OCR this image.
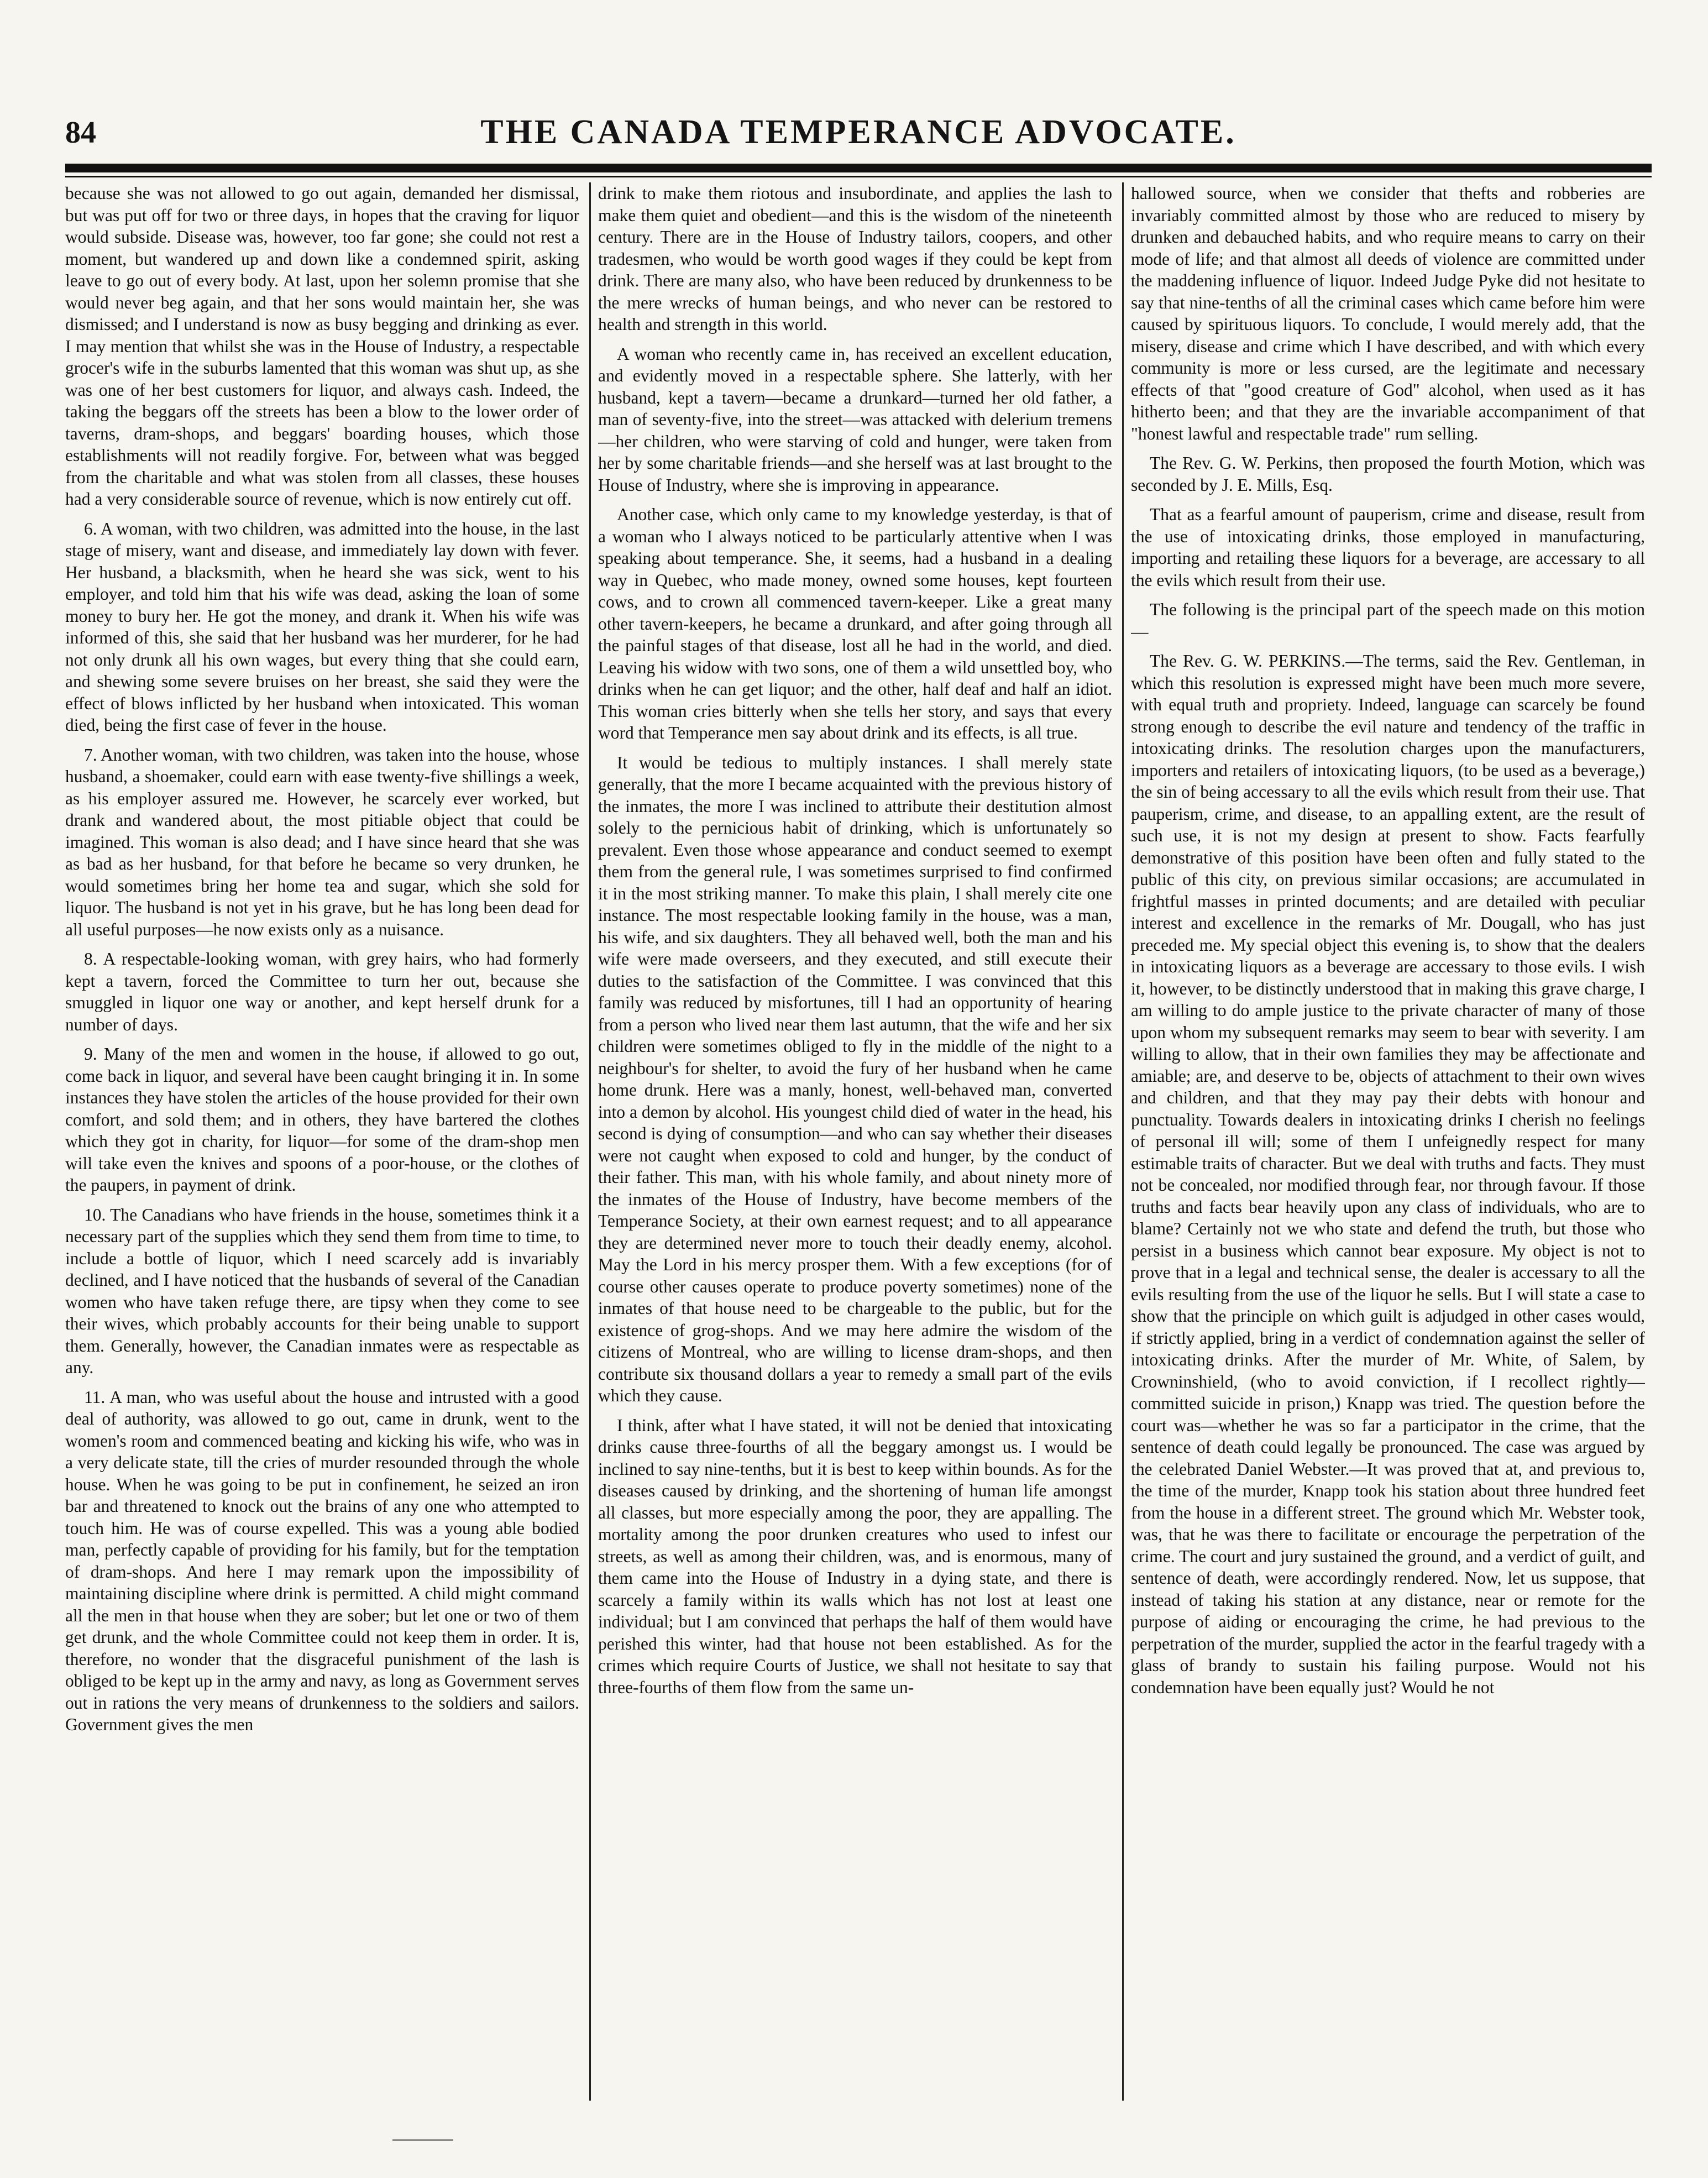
84	THE CANADA TEMPERANCE ADVOCATE.

because she was not allowed to go out again, demanded her dismissal, but was put off for two or three days, in hopes that the craving for liquor would subside. Disease was, however, too far gone; she could not rest a moment, but wandered up and down like a condemned spirit, asking leave to go out of every body. At last, upon her solemn promise that she would never beg again, and that her sons would maintain her, she was dismissed; and I understand is now as busy begging and drinking as ever. I may mention that whilst she was in the House of Industry, a respectable grocer's wife in the suburbs lamented that this woman was shut up, as she was one of her best customers for liquor, and always cash. Indeed, the taking the beggars off the streets has been a blow to the lower order of taverns, dram-shops, and beggars' boarding houses, which those establishments will not readily forgive. For, between what was begged from the charitable and what was stolen from all classes, these houses had a very considerable source of revenue, which is now entirely cut off.

6. A woman, with two children, was admitted into the house, in the last stage of misery, want and disease, and immediately lay down with fever. Her husband, a blacksmith, when he heard she was sick, went to his employer, and told him that his wife was dead, asking the loan of some money to bury her. He got the money, and drank it. When his wife was informed of this, she said that her husband was her murderer, for he had not only drunk all his own wages, but every thing that she could earn, and shewing some severe bruises on her breast, she said they were the effect of blows inflicted by her husband when intoxicated. This woman died, being the first case of fever in the house.

7. Another woman, with two children, was taken into the house, whose husband, a shoemaker, could earn with ease twenty-five shillings a week, as his employer assured me. However, he scarcely ever worked, but drank and wandered about, the most pitiable object that could be imagined. This woman is also dead; and I have since heard that she was as bad as her husband, for that before he became so very drunken, he would sometimes bring her home tea and sugar, which she sold for liquor. The husband is not yet in his grave, but he has long been dead for all useful purposes—he now exists only as a nuisance.

8. A respectable-looking woman, with grey hairs, who had formerly kept a tavern, forced the Committee to turn her out, because she smuggled in liquor one way or another, and kept herself drunk for a number of days.

9. Many of the men and women in the house, if allowed to go out, come back in liquor, and several have been caught bringing it in. In some instances they have stolen the articles of the house provided for their own comfort, and sold them; and in others, they have bartered the clothes which they got in charity, for liquor—for some of the dram-shop men will take even the knives and spoons of a poor-house, or the clothes of the paupers, in payment of drink.

10. The Canadians who have friends in the house, sometimes think it a necessary part of the supplies which they send them from time to time, to include a bottle of liquor, which I need scarcely add is invariably declined, and I have noticed that the husbands of several of the Canadian women who have taken refuge there, are tipsy when they come to see their wives, which probably accounts for their being unable to support them. Generally, however, the Canadian inmates were as respectable as any.

11. A man, who was useful about the house and intrusted with a good deal of authority, was allowed to go out, came in drunk, went to the women's room and commenced beating and kicking his wife, who was in a very delicate state, till the cries of murder resounded through the whole house. When he was going to be put in confinement, he seized an iron bar and threatened to knock out the brains of any one who attempted to touch him. He was of course expelled. This was a young able bodied man, perfectly capable of providing for his family, but for the temptation of dram-shops. And here I may remark upon the impossibility of maintaining discipline where drink is permitted. A child might command all the men in that house when they are sober; but let one or two of them get drunk, and the whole Committee could not keep them in order. It is, therefore, no wonder that the disgraceful punishment of the lash is obliged to be kept up in the army and navy, as long as Government serves out in rations the very means of drunkenness to the soldiers and sailors. Government gives the men

drink to make them riotous and insubordinate, and applies the lash to make them quiet and obedient—and this is the wisdom of the nineteenth century. There are in the House of Industry tailors, coopers, and other tradesmen, who would be worth good wages if they could be kept from drink. There are many also, who have been reduced by drunkenness to be the mere wrecks of human beings, and who never can be restored to health and strength in this world.

A woman who recently came in, has received an excellent education, and evidently moved in a respectable sphere. She latterly, with her husband, kept a tavern—became a drunkard—turned her old father, a man of seventy-five, into the street—was attacked with delerium tremens—her children, who were starving of cold and hunger, were taken from her by some charitable friends—and she herself was at last brought to the House of Industry, where she is improving in appearance.

Another case, which only came to my knowledge yesterday, is that of a woman who I always noticed to be particularly attentive when I was speaking about temperance. She, it seems, had a husband in a dealing way in Quebec, who made money, owned some houses, kept fourteen cows, and to crown all commenced tavern-keeper. Like a great many other tavern-keepers, he became a drunkard, and after going through all the painful stages of that disease, lost all he had in the world, and died. Leaving his widow with two sons, one of them a wild unsettled boy, who drinks when he can get liquor; and the other, half deaf and half an idiot. This woman cries bitterly when she tells her story, and says that every word that Temperance men say about drink and its effects, is all true.

It would be tedious to multiply instances. I shall merely state generally, that the more I became acquainted with the previous history of the inmates, the more I was inclined to attribute their destitution almost solely to the pernicious habit of drinking, which is unfortunately so prevalent. Even those whose appearance and conduct seemed to exempt them from the general rule, I was sometimes surprised to find confirmed it in the most striking manner. To make this plain, I shall merely cite one instance. The most respectable looking family in the house, was a man, his wife, and six daughters. They all behaved well, both the man and his wife were made overseers, and they executed, and still execute their duties to the satisfaction of the Committee. I was convinced that this family was reduced by misfortunes, till I had an opportunity of hearing from a person who lived near them last autumn, that the wife and her six children were sometimes obliged to fly in the middle of the night to a neighbour's for shelter, to avoid the fury of her husband when he came home drunk. Here was a manly, honest, well-behaved man, converted into a demon by alcohol. His youngest child died of water in the head, his second is dying of consumption—and who can say whether their diseases were not caught when exposed to cold and hunger, by the conduct of their father. This man, with his whole family, and about ninety more of the inmates of the House of Industry, have become members of the Temperance Society, at their own earnest request; and to all appearance they are determined never more to touch their deadly enemy, alcohol. May the Lord in his mercy prosper them. With a few exceptions (for of course other causes operate to produce poverty sometimes) none of the inmates of that house need to be chargeable to the public, but for the existence of grog-shops. And we may here admire the wisdom of the citizens of Montreal, who are willing to license dram-shops, and then contribute six thousand dollars a year to remedy a small part of the evils which they cause.

I think, after what I have stated, it will not be denied that intoxicating drinks cause three-fourths of all the beggary amongst us. I would be inclined to say nine-tenths, but it is best to keep within bounds. As for the diseases caused by drinking, and the shortening of human life amongst all classes, but more especially among the poor, they are appalling. The mortality among the poor drunken creatures who used to infest our streets, as well as among their children, was, and is enormous, many of them came into the House of Industry in a dying state, and there is scarcely a family within its walls which has not lost at least one individual; but I am convinced that perhaps the half of them would have perished this winter, had that house not been established. As for the crimes which require Courts of Justice, we shall not hesitate to say that three-fourths of them flow from the same un-

hallowed source, when we consider that thefts and robberies are invariably committed almost by those who are reduced to misery by drunken and debauched habits, and who require means to carry on their mode of life; and that almost all deeds of violence are committed under the maddening influence of liquor. Indeed Judge Pyke did not hesitate to say that nine-tenths of all the criminal cases which came before him were caused by spirituous liquors. To conclude, I would merely add, that the misery, disease and crime which I have described, and with which every community is more or less cursed, are the legitimate and necessary effects of that "good creature of God" alcohol, when used as it has hitherto been; and that they are the invariable accompaniment of that "honest lawful and respectable trade" rum selling.

The Rev. G. W. Perkins, then proposed the fourth Motion, which was seconded by J. E. Mills, Esq.

That as a fearful amount of pauperism, crime and disease, result from the use of intoxicating drinks, those employed in manufacturing, importing and retailing these liquors for a beverage, are accessary to all the evils which result from their use.

The following is the principal part of the speech made on this motion —

The Rev. G. W. PERKINS.—The terms, said the Rev. Gentleman, in which this resolution is expressed might have been much more severe, with equal truth and propriety. Indeed, language can scarcely be found strong enough to describe the evil nature and tendency of the traffic in intoxicating drinks. The resolution charges upon the manufacturers, importers and retailers of intoxicating liquors, (to be used as a beverage,) the sin of being accessary to all the evils which result from their use. That pauperism, crime, and disease, to an appalling extent, are the result of such use, it is not my design at present to show. Facts fearfully demonstrative of this position have been often and fully stated to the public of this city, on previous similar occasions; are accumulated in frightful masses in printed documents; and are detailed with peculiar interest and excellence in the remarks of Mr. Dougall, who has just preceded me. My special object this evening is, to show that the dealers in intoxicating liquors as a beverage are accessary to those evils. I wish it, however, to be distinctly understood that in making this grave charge, I am willing to do ample justice to the private character of many of those upon whom my subsequent remarks may seem to bear with severity. I am willing to allow, that in their own families they may be affectionate and amiable; are, and deserve to be, objects of attachment to their own wives and children, and that they may pay their debts with honour and punctuality. Towards dealers in intoxicating drinks I cherish no feelings of personal ill will; some of them I unfeignedly respect for many estimable traits of character. But we deal with truths and facts. They must not be concealed, nor modified through fear, nor through favour. If those truths and facts bear heavily upon any class of individuals, who are to blame? Certainly not we who state and defend the truth, but those who persist in a business which cannot bear exposure. My object is not to prove that in a legal and technical sense, the dealer is accessary to all the evils resulting from the use of the liquor he sells. But I will state a case to show that the principle on which guilt is adjudged in other cases would, if strictly applied, bring in a verdict of condemnation against the seller of intoxicating drinks. After the murder of Mr. White, of Salem, by Crowninshield, (who to avoid conviction, if I recollect rightly—committed suicide in prison,) Knapp was tried. The question before the court was—whether he was so far a participator in the crime, that the sentence of death could legally be pronounced. The case was argued by the celebrated Daniel Webster.—It was proved that at, and previous to, the time of the murder, Knapp took his station about three hundred feet from the house in a different street. The ground which Mr. Webster took, was, that he was there to facilitate or encourage the perpetration of the crime. The court and jury sustained the ground, and a verdict of guilt, and sentence of death, were accordingly rendered. Now, let us suppose, that instead of taking his station at any distance, near or remote for the purpose of aiding or encouraging the crime, he had previous to the perpetration of the murder, supplied the actor in the fearful tragedy with a glass of brandy to sustain his failing purpose. Would not his condemnation have been equally just? Would he not
